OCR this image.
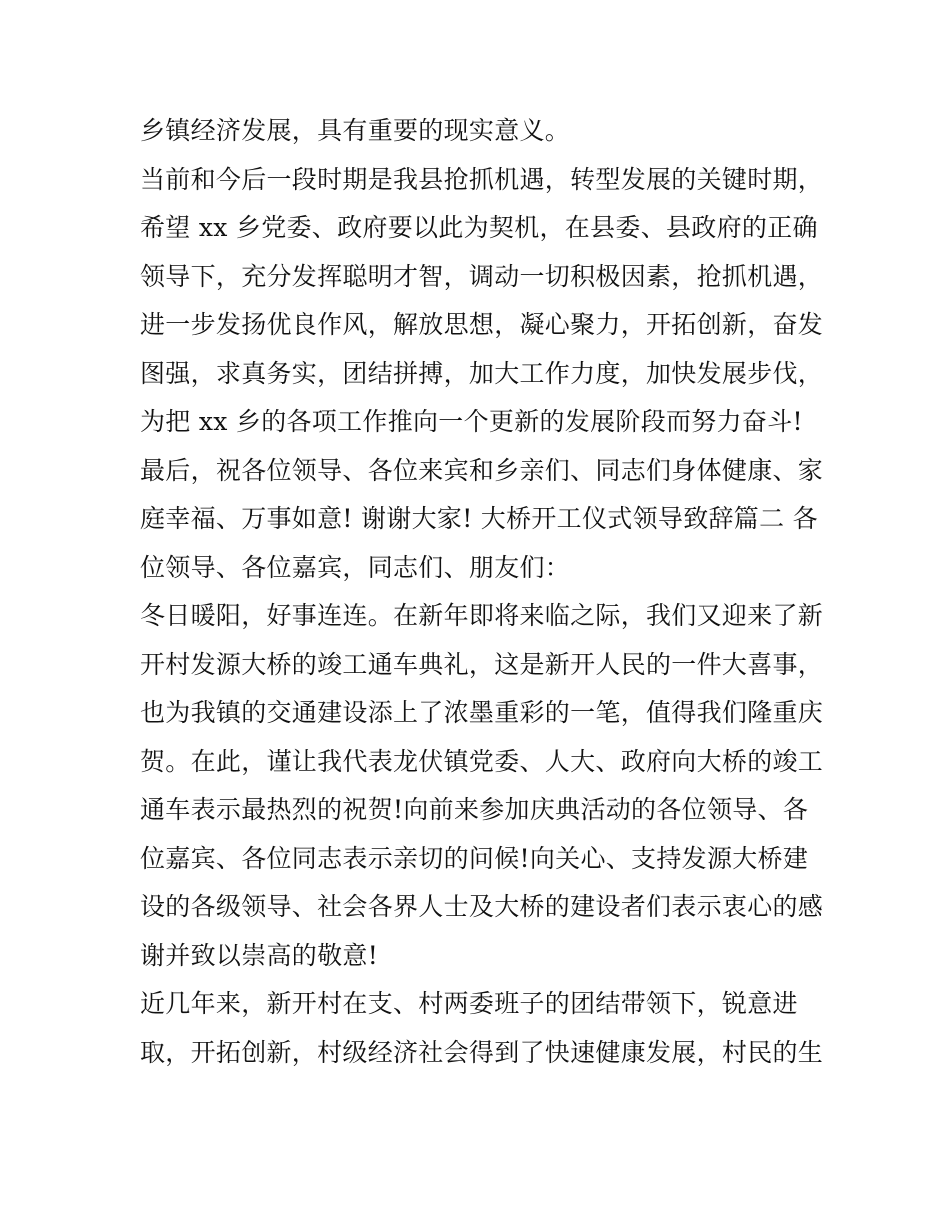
乡镇经济发展，具有重要的现实意义。
当前和今后一段时期是我县抢抓机遇，转型发展的关键时期，
希望 xx 乡党委、政府要以此为契机，在县委、县政府的正确
领导下，充分发挥聪明才智，调动一切积极因素，抢抓机遇，
进一步发扬优良作风，解放思想，凝心聚力，开拓创新，奋发
图强，求真务实，团结拼搏，加大工作力度，加快发展步伐，
为把 xx 乡的各项工作推向一个更新的发展阶段而努力奋斗!
最后，祝各位领导、各位来宾和乡亲们、同志们身体健康、家
庭幸福、万事如意! 谢谢大家! 大桥开工仪式领导致辞篇二 各
位领导、各位嘉宾，同志们、朋友们：
冬日暖阳，好事连连。在新年即将来临之际，我们又迎来了新
开村发源大桥的竣工通车典礼，这是新开人民的一件大喜事，
也为我镇的交通建设添上了浓墨重彩的一笔，值得我们隆重庆
贺。在此，谨让我代表龙伏镇党委、人大、政府向大桥的竣工
通车表示最热烈的祝贺!向前来参加庆典活动的各位领导、各
位嘉宾、各位同志表示亲切的问候!向关心、支持发源大桥建
设的各级领导、社会各界人士及大桥的建设者们表示衷心的感
谢并致以崇高的敬意!
近几年来，新开村在支、村两委班子的团结带领下，锐意进
取，开拓创新，村级经济社会得到了快速健康发展，村民的生
